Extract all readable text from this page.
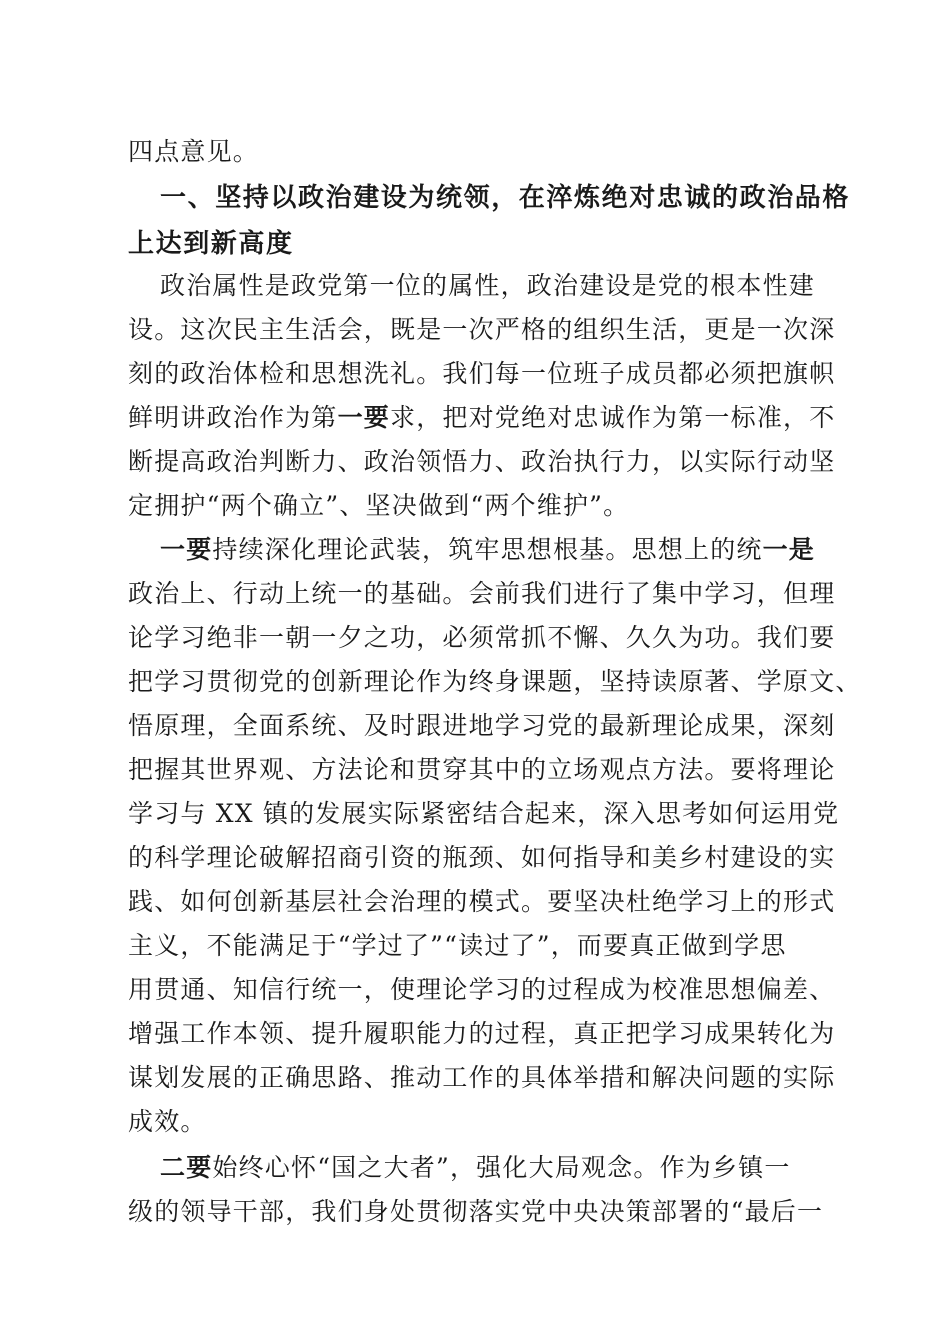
四点意见。
一、坚持以政治建设为统领，在淬炼绝对忠诚的政治品格
上达到新高度
政治属性是政党第一位的属性，政治建设是党的根本性建
设。这次民主生活会，既是一次严格的组织生活，更是一次深
刻的政治体检和思想洗礼。我们每一位班子成员都必须把旗帜
鲜明讲政治作为第一要求，把对党绝对忠诚作为第一标准，不
断提高政治判断力、政治领悟力、政治执行力，以实际行动坚
定拥护“两个确立”、坚决做到“两个维护”。
一要持续深化理论武装，筑牢思想根基。思想上的统一是
政治上、行动上统一的基础。会前我们进行了集中学习，但理
论学习绝非一朝一夕之功，必须常抓不懈、久久为功。我们要
把学习贯彻党的创新理论作为终身课题，坚持读原著、学原文、
悟原理，全面系统、及时跟进地学习党的最新理论成果，深刻
把握其世界观、方法论和贯穿其中的立场观点方法。要将理论
学习与 XX 镇的发展实际紧密结合起来，深入思考如何运用党
的科学理论破解招商引资的瓶颈、如何指导和美乡村建设的实
践、如何创新基层社会治理的模式。要坚决杜绝学习上的形式
主义，不能满足于“学过了”“读过了”，而要真正做到学思
用贯通、知信行统一，使理论学习的过程成为校准思想偏差、
增强工作本领、提升履职能力的过程，真正把学习成果转化为
谋划发展的正确思路、推动工作的具体举措和解决问题的实际
成效。
二要始终心怀“国之大者”，强化大局观念。作为乡镇一
级的领导干部，我们身处贯彻落实党中央决策部署的“最后一
